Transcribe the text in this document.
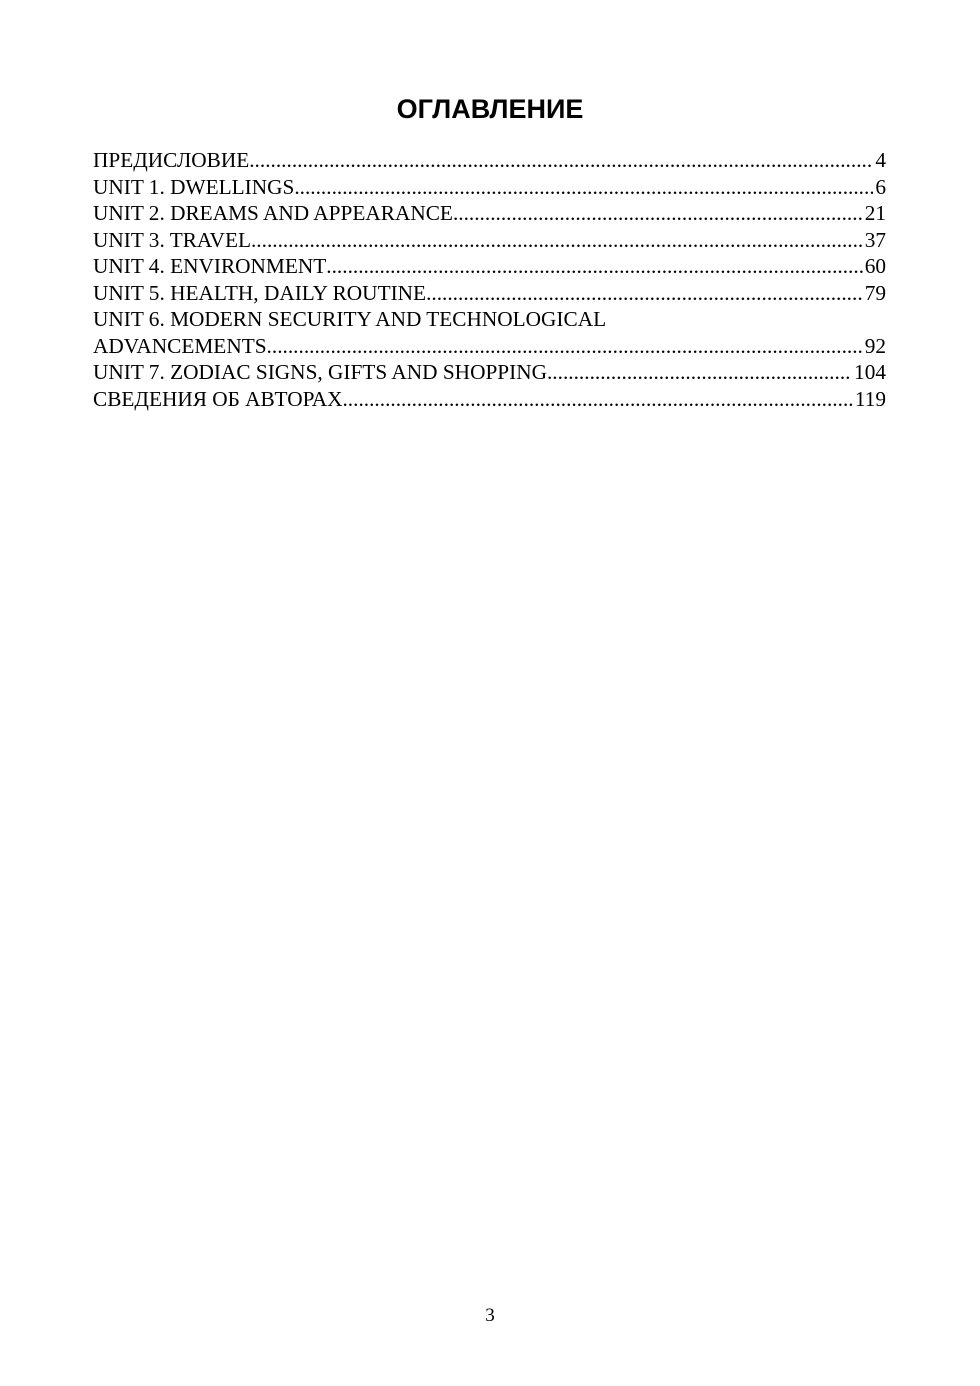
ОГЛАВЛЕНИЕ
ПРЕДИСЛОВИЕ .....	4
UNIT 1. DWELLINGS .....	6
UNIT 2. DREAMS AND APPEARANCE .....	21
UNIT 3. TRAVEL .....	37
UNIT 4. ENVIRONMENT .....	60
UNIT 5. HEALTH, DAILY ROUTINE .....	79
UNIT 6. MODERN SECURITY AND TECHNOLOGICAL
ADVANCEMENTS .....	92
UNIT 7. ZODIAC SIGNS, GIFTS AND SHOPPING .....	104
СВЕДЕНИЯ ОБ АВТОРАХ .....	119
3
